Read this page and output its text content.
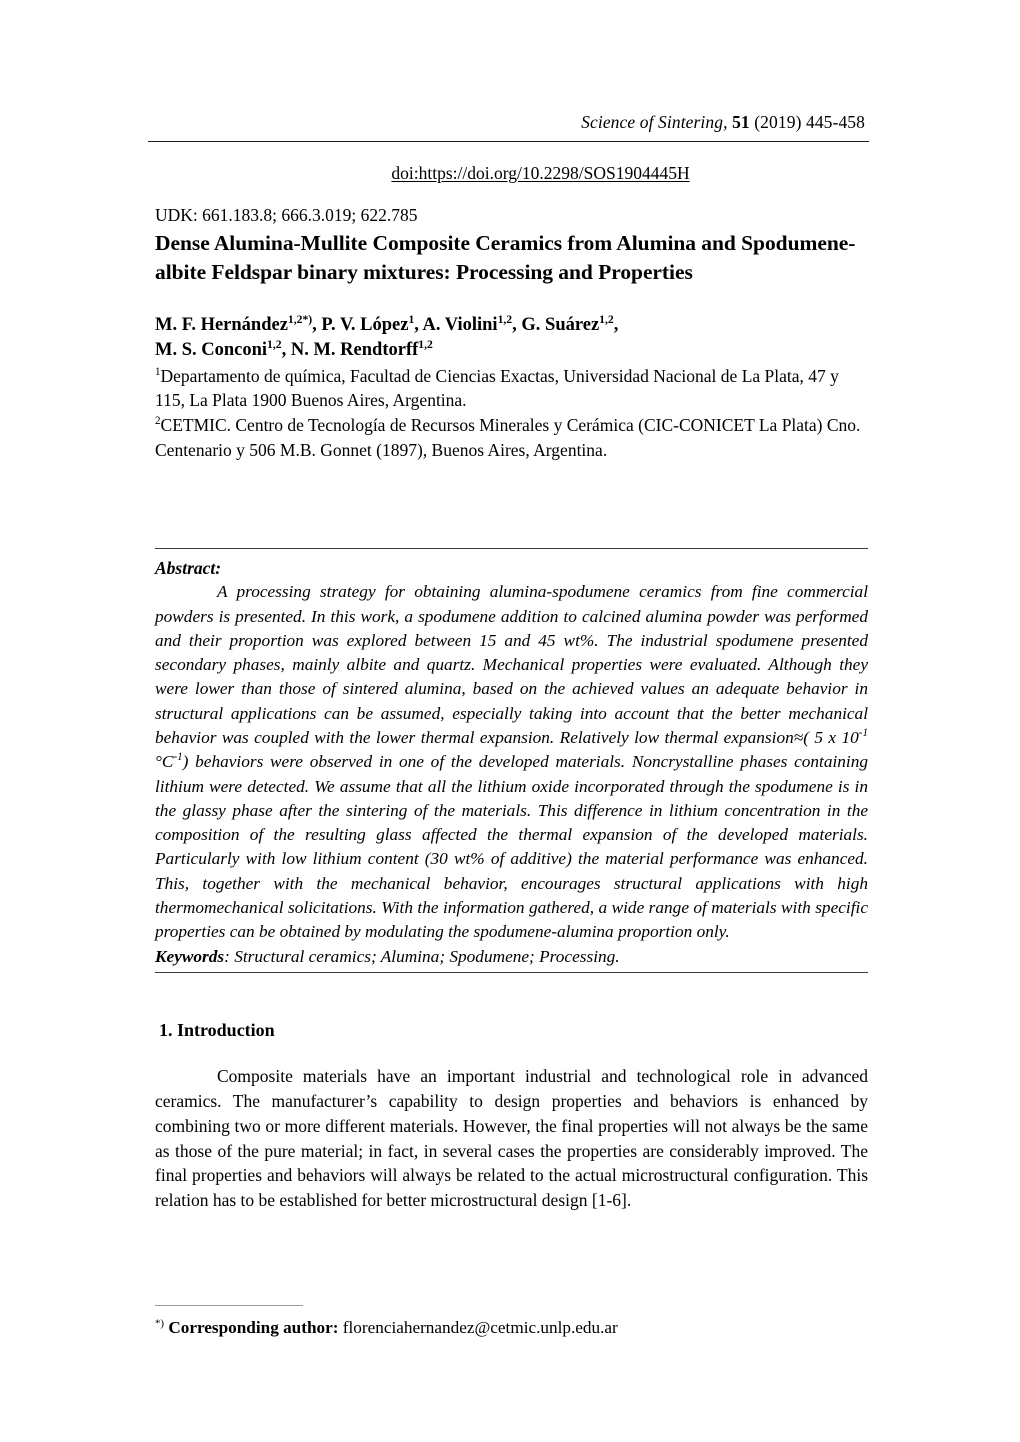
Science of Sintering, 51 (2019) 445-458
doi:https://doi.org/10.2298/SOS1904445H
UDK: 661.183.8; 666.3.019; 622.785
Dense Alumina-Mullite Composite Ceramics from Alumina and Spodumene-albite Feldspar binary mixtures: Processing and Properties
M. F. Hernández$^{1,2*)}$, P. V. López$^1$, A. Violini$^{1,2}$, G. Suárez$^{1,2}$,
M. S. Conconi$^{1,2}$, N. M. Rendtorff$^{1,2}$
$^1$Departamento de química, Facultad de Ciencias Exactas, Universidad Nacional de La Plata, 47 y 115, La Plata 1900 Buenos Aires, Argentina.
$^2$CETMIC. Centro de Tecnología de Recursos Minerales y Cerámica (CIC-CONICET La Plata) Cno. Centenario y 506 M.B. Gonnet (1897), Buenos Aires, Argentina.
Abstract:

A processing strategy for obtaining alumina-spodumene ceramics from fine commercial powders is presented. In this work, a spodumene addition to calcined alumina powder was performed and their proportion was explored between 15 and 45 wt%. The industrial spodumene presented secondary phases, mainly albite and quartz. Mechanical properties were evaluated. Although they were lower than those of sintered alumina, based on the achieved values an adequate behavior in structural applications can be assumed, especially taking into account that the better mechanical behavior was coupled with the lower thermal expansion. Relatively low thermal expansion≈( 5 x $10^{-1}$ $^\circ C^{-1}$) behaviors were observed in one of the developed materials. Noncrystalline phases containing lithium were detected. We assume that all the lithium oxide incorporated through the spodumene is in the glassy phase after the sintering of the materials. This difference in lithium concentration in the composition of the resulting glass affected the thermal expansion of the developed materials. Particularly with low lithium content (30 wt% of additive) the material performance was enhanced. This, together with the mechanical behavior, encourages structural applications with high thermomechanical solicitations. With the information gathered, a wide range of materials with specific properties can be obtained by modulating the spodumene-alumina proportion only.

Keywords: Structural ceramics; Alumina; Spodumene; Processing.
1. Introduction

Composite materials have an important industrial and technological role in advanced ceramics. The manufacturer’s capability to design properties and behaviors is enhanced by combining two or more different materials. However, the final properties will not always be the same as those of the pure material; in fact, in several cases the properties are considerably improved. The final properties and behaviors will always be related to the actual microstructural configuration. This relation has to be established for better microstructural design [1-6].

*) Corresponding author: florenciahernandez@cetmic.unlp.edu.ar
